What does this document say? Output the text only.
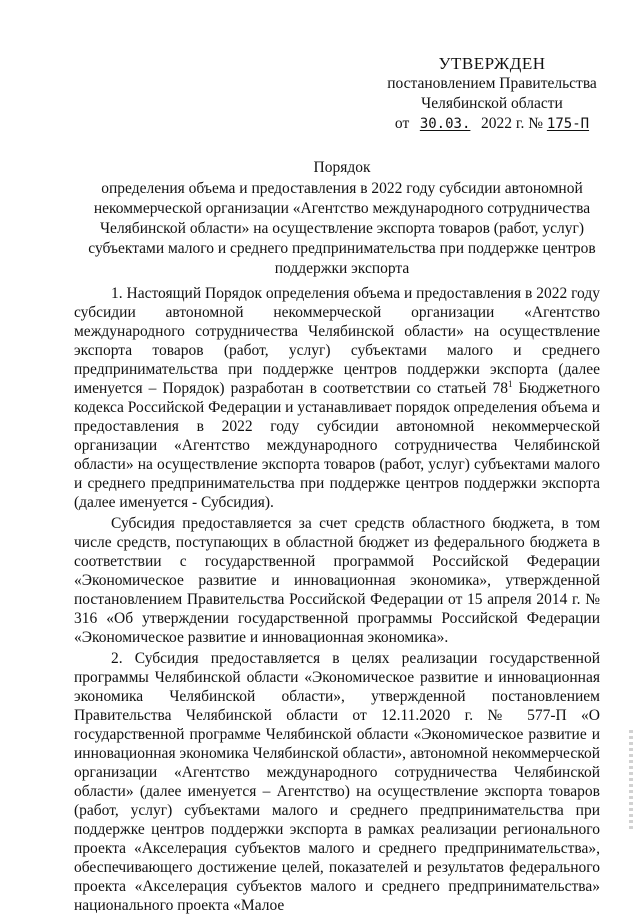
УТВЕРЖДЕН
постановлением Правительства
Челябинской области
от 30.03. 2022 г. № 175-П
Порядок
определения объема и предоставления в 2022 году субсидии автономной некоммерческой организации «Агентство международного сотрудничества Челябинской области» на осуществление экспорта товаров (работ, услуг) субъектами малого и среднего предпринимательства при поддержке центров поддержки экспорта

1. Настоящий Порядок определения объема и предоставления в 2022 году субсидии автономной некоммерческой организации «Агентство международного сотрудничества Челябинской области» на осуществление экспорта товаров (работ, услуг) субъектами малого и среднего предпринимательства при поддержке центров поддержки экспорта (далее именуется – Порядок) разработан в соответствии со статьей $78^1$ Бюджетного кодекса Российской Федерации и устанавливает порядок определения объема и предоставления в 2022 году субсидии автономной некоммерческой организации «Агентство международного сотрудничества Челябинской области» на осуществление экспорта товаров (работ, услуг) субъектами малого и среднего предпринимательства при поддержке центров поддержки экспорта (далее именуется - Субсидия).

Субсидия предоставляется за счет средств областного бюджета, в том числе средств, поступающих в областной бюджет из федерального бюджета в соответствии с государственной программой Российской Федерации «Экономическое развитие и инновационная экономика», утвержденной постановлением Правительства Российской Федерации от 15 апреля 2014 г. № 316 «Об утверждении государственной программы Российской Федерации «Экономическое развитие и инновационная экономика».

2. Субсидия предоставляется в целях реализации государственной программы Челябинской области «Экономическое развитие и инновационная экономика Челябинской области», утвержденной постановлением Правительства Челябинской области от 12.11.2020 г. № 577-П «О государственной программе Челябинской области «Экономическое развитие и инновационная экономика Челябинской области», автономной некоммерческой организации «Агентство международного сотрудничества Челябинской области» (далее именуется – Агентство) на осуществление экспорта товаров (работ, услуг) субъектами малого и среднего предпринимательства при поддержке центров поддержки экспорта в рамках реализации регионального проекта «Акселерация субъектов малого и среднего предпринимательства», обеспечивающего достижение целей, показателей и результатов федерального проекта «Акселерация субъектов малого и среднего предпринимательства» национального проекта «Малое
